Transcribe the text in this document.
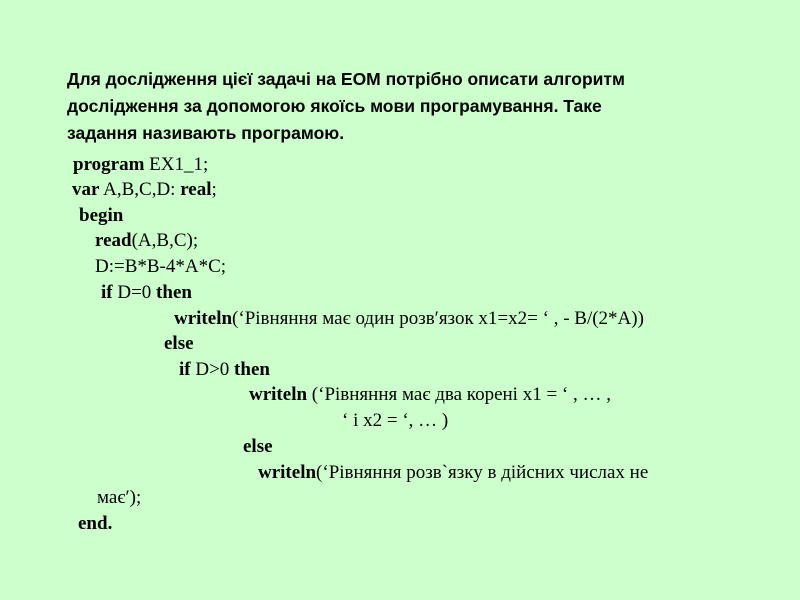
Для дослідження цієї задачі на ЕОМ потрібно описати алгоритм
дослідження за допомогою якоїсь мови програмування. Таке
задання називають програмою.
program EX1_1;
var A,B,C,D: real;
begin
read(A,B,C);
D:=B*B-4*A*C;
if D=0 then
writeln(‘Рівняння має один розв′язок x1=x2= ‘ , - B/(2*A))
else
if D>0 then
writeln (‘Рівняння має два корені x1 = ‘ , … ,
‘ і x2 = ‘, … )
else
writeln(‘Рівняння розв`язку в дійсних числах не
має′);
end.
